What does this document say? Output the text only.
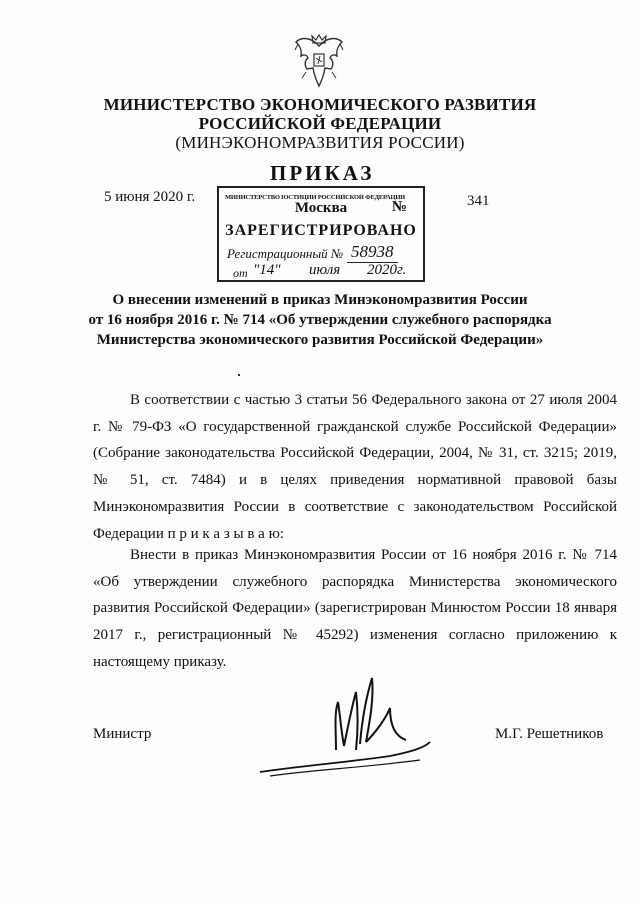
МИНИСТЕРСТВО ЭКОНОМИЧЕСКОГО РАЗВИТИЯ
РОССИЙСКОЙ ФЕДЕРАЦИИ
(МИНЭКОНОМРАЗВИТИЯ РОССИИ)
ПРИКАЗ
5 июня 2020 г.	341
МИНИСТЕРСТВО ЮСТИЦИИ РОССИЙСКОЙ ФЕДЕРАЦИИ
Москва	№
ЗАРЕГИСТРИРОВАНО
Регистрационный № 58938
от "14" июля 2020г.
О внесении изменений в приказ Минэкономразвития России
от 16 ноября 2016 г. № 714 «Об утверждении служебного распорядка
Министерства экономического развития Российской Федерации»
В соответствии с частью 3 статьи 56 Федерального закона от 27 июля 2004 г. № 79-ФЗ «О государственной гражданской службе Российской Федерации» (Собрание законодательства Российской Федерации, 2004, № 31, ст. 3215; 2019, № 51, ст. 7484) и в целях приведения нормативной правовой базы Минэкономразвития России в соответствие с законодательством Российской Федерации п р и к а з ы в а ю:
Внести в приказ Минэкономразвития России от 16 ноября 2016 г. № 714 «Об утверждении служебного распорядка Министерства экономического развития Российской Федерации» (зарегистрирован Минюстом России 18 января 2017 г., регистрационный № 45292) изменения согласно приложению к настоящему приказу.
Министр	М.Г. Решетников
